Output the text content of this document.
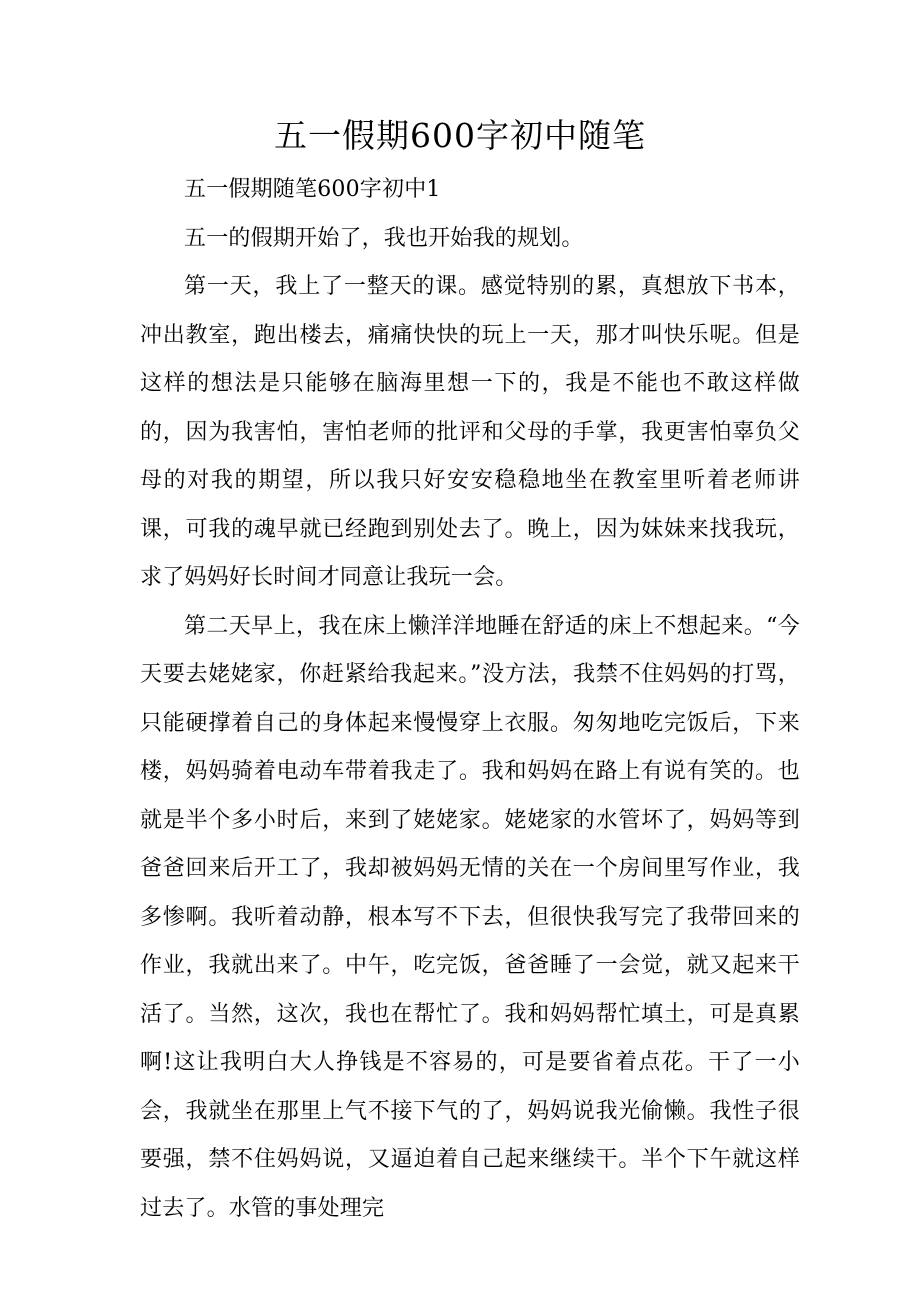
五一假期600字初中随笔

五一假期随笔600字初中1

五一的假期开始了，我也开始我的规划。

第一天，我上了一整天的课。感觉特别的累，真想放下书本，冲出教室，跑出楼去，痛痛快快的玩上一天，那才叫快乐呢。但是这样的想法是只能够在脑海里想一下的，我是不能也不敢这样做的，因为我害怕，害怕老师的批评和父母的手掌，我更害怕辜负父母的对我的期望，所以我只好安安稳稳地坐在教室里听着老师讲课，可我的魂早就已经跑到别处去了。晚上，因为妹妹来找我玩，求了妈妈好长时间才同意让我玩一会。

第二天早上，我在床上懒洋洋地睡在舒适的床上不想起来。“今天要去姥姥家，你赶紧给我起来。”没方法，我禁不住妈妈的打骂，只能硬撑着自己的身体起来慢慢穿上衣服。匆匆地吃完饭后，下来楼，妈妈骑着电动车带着我走了。我和妈妈在路上有说有笑的。也就是半个多小时后，来到了姥姥家。姥姥家的水管坏了，妈妈等到爸爸回来后开工了，我却被妈妈无情的关在一个房间里写作业，我多惨啊。我听着动静，根本写不下去，但很快我写完了我带回来的作业，我就出来了。中午，吃完饭，爸爸睡了一会觉，就又起来干活了。当然，这次，我也在帮忙了。我和妈妈帮忙填土，可是真累啊!这让我明白大人挣钱是不容易的，可是要省着点花。干了一小会，我就坐在那里上气不接下气的了，妈妈说我光偷懒。我性子很要强，禁不住妈妈说，又逼迫着自己起来继续干。半个下午就这样过去了。水管的事处理完
